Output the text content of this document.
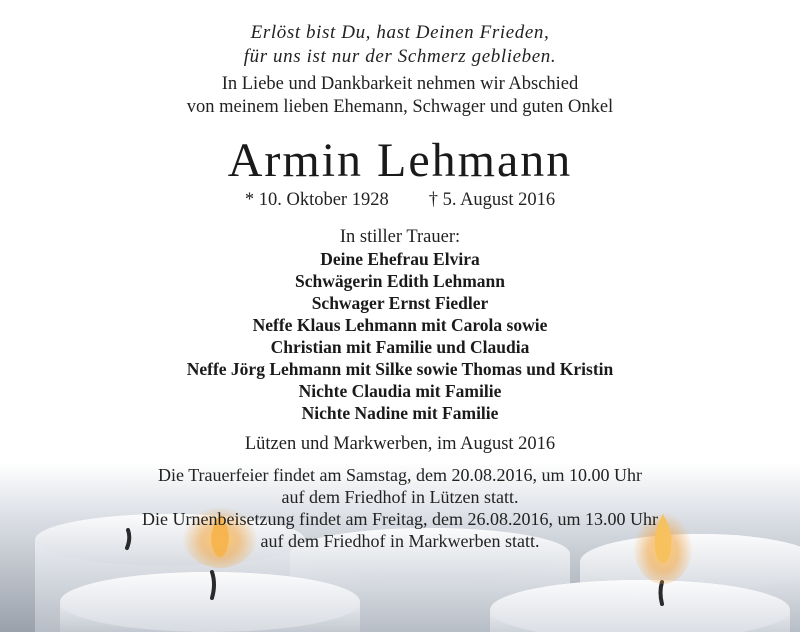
Erlöst bist Du, hast Deinen Frieden,
für uns ist nur der Schmerz geblieben.
In Liebe und Dankbarkeit nehmen wir Abschied
von meinem lieben Ehemann, Schwager und guten Onkel
Armin Lehmann
* 10. Oktober 1928 † 5. August 2016
In stiller Trauer:
Deine Ehefrau Elvira
Schwägerin Edith Lehmann
Schwager Ernst Fiedler
Neffe Klaus Lehmann mit Carola sowie
Christian mit Familie und Claudia
Neffe Jörg Lehmann mit Silke sowie Thomas und Kristin
Nichte Claudia mit Familie
Nichte Nadine mit Familie
Lützen und Markwerben, im August 2016
Die Trauerfeier findet am Samstag, dem 20.08.2016, um 10.00 Uhr
auf dem Friedhof in Lützen statt.
Die Urnenbeisetzung findet am Freitag, dem 26.08.2016, um 13.00 Uhr
auf dem Friedhof in Markwerben statt.
